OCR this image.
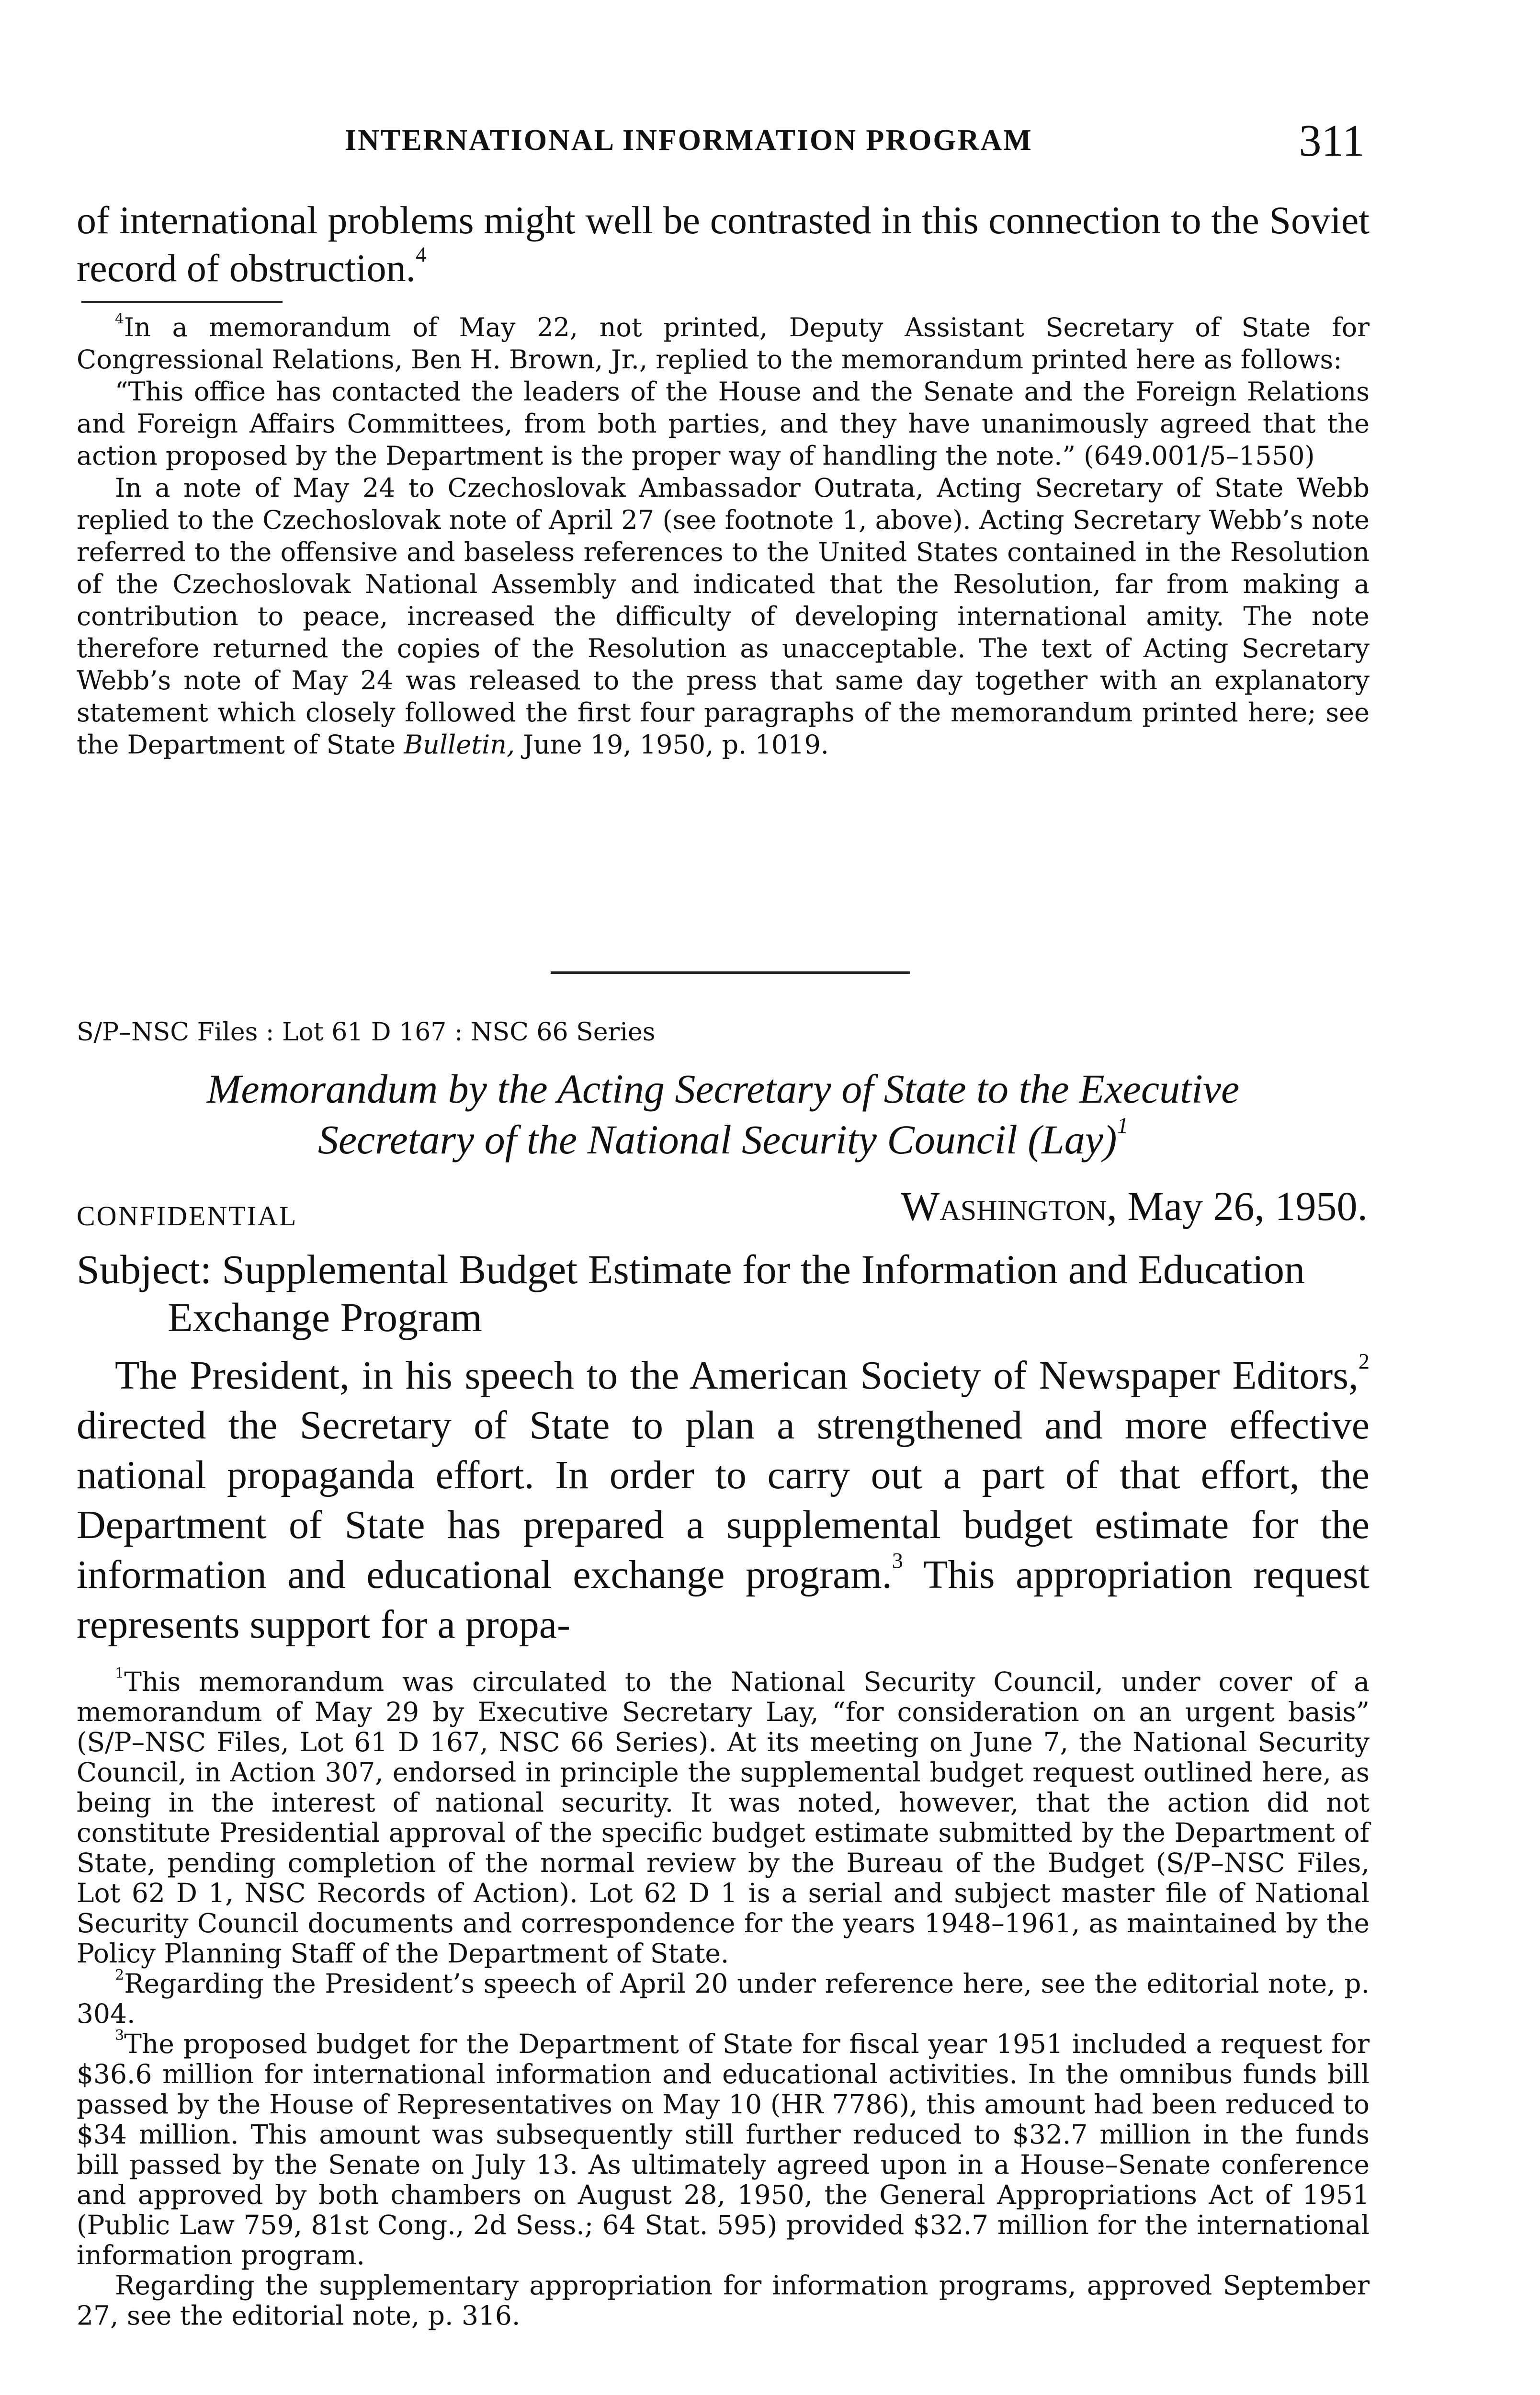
INTERNATIONAL INFORMATION PROGRAM	311

of international problems might well be contrasted in this connection to the Soviet record of obstruction.$^4$

$^4$In a memorandum of May 22, not printed, Deputy Assistant Secretary of State for Congressional Relations, Ben H. Brown, Jr., replied to the memorandum printed here as follows:

“This office has contacted the leaders of the House and the Senate and the Foreign Relations and Foreign Affairs Committees, from both parties, and they have unanimously agreed that the action proposed by the Department is the proper way of handling the note.” (649.001/5–1550)

In a note of May 24 to Czechoslovak Ambassador Outrata, Acting Secretary of State Webb replied to the Czechoslovak note of April 27 (see footnote 1, above). Acting Secretary Webb’s note referred to the offensive and baseless references to the United States contained in the Resolution of the Czechoslovak National Assembly and indicated that the Resolution, far from making a contribution to peace, increased the difficulty of developing international amity. The note therefore returned the copies of the Resolution as unacceptable. The text of Acting Secretary Webb’s note of May 24 was released to the press that same day together with an explanatory statement which closely followed the first four paragraphs of the memorandum printed here; see the Department of State Bulletin, June 19, 1950, p. 1019.

S/P–NSC Files : Lot 61 D 167 : NSC 66 Series
Memorandum by the Acting Secretary of State to the Executive
Secretary of the National Security Council (Lay)$^1$
CONFIDENTIAL	Washington, May 26, 1950.
Subject: Supplemental Budget Estimate for the Information and Education Exchange Program

The President, in his speech to the American Society of Newspaper Editors,$^2$ directed the Secretary of State to plan a strengthened and more effective national propaganda effort. In order to carry out a part of that effort, the Department of State has prepared a supplemental budget estimate for the information and educational exchange program.$^3$ This appropriation request represents support for a propa-

$^1$This memorandum was circulated to the National Security Council, under cover of a memorandum of May 29 by Executive Secretary Lay, “for consideration on an urgent basis” (S/P–NSC Files, Lot 61 D 167, NSC 66 Series). At its meeting on June 7, the National Security Council, in Action 307, endorsed in principle the supplemental budget request outlined here, as being in the interest of national security. It was noted, however, that the action did not constitute Presidential approval of the specific budget estimate submitted by the Department of State, pending completion of the normal review by the Bureau of the Budget (S/P–NSC Files, Lot 62 D 1, NSC Records of Action). Lot 62 D 1 is a serial and subject master file of National Security Council documents and correspondence for the years 1948–1961, as maintained by the Policy Planning Staff of the Department of State.

$^2$Regarding the President’s speech of April 20 under reference here, see the editorial note, p. 304.

$^3$The proposed budget for the Department of State for fiscal year 1951 included a request for $36.6 million for international information and educational activities. In the omnibus funds bill passed by the House of Representatives on May 10 (HR 7786), this amount had been reduced to $34 million. This amount was subsequently still further reduced to $32.7 million in the funds bill passed by the Senate on July 13. As ultimately agreed upon in a House–Senate conference and approved by both chambers on August 28, 1950, the General Appropriations Act of 1951 (Public Law 759, 81st Cong., 2d Sess.; 64 Stat. 595) provided $32.7 million for the international information program.

Regarding the supplementary appropriation for information programs, approved September 27, see the editorial note, p. 316.
